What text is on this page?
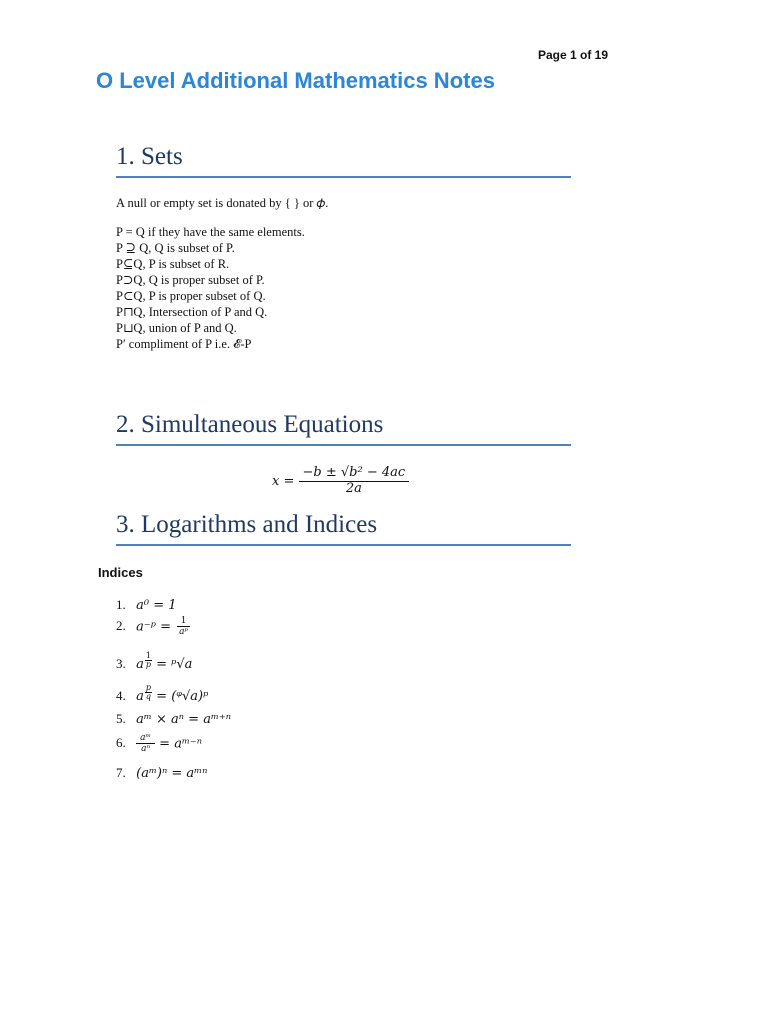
Page 1 of 19
O Level Additional Mathematics Notes
1. Sets
A null or empty set is donated by { } or 𝜙.
P = Q if they have the same elements.
P ⊇ Q, Q is subset of P.
P⊆Q, P is subset of R.
P⊃Q, Q is proper subset of P.
P⊂Q, P is proper subset of Q.
P⊓Q, Intersection of P and Q.
P⊔Q, union of P and Q.
P′ compliment of P i.e. 𝓔-P
2. Simultaneous Equations
$x = \frac{\text{−b ± √b² − 4ac}}{2a}$
3. Logarithms and Indices
Indices
1. a⁰ = 1
2. a⁻ᵖ = $\frac{1}{\text{aᵖ}}$
3. a $\frac{1}{p}$ = ᵖ√a
4. a $\frac{p}{q}$ = (ᵠ√a)ᵖ
5. aᵐ × aⁿ = aᵐ⁺ⁿ
6. $\frac{\text{aᵐ}}{\text{aⁿ}}$ = aᵐ⁻ⁿ
7. (aᵐ)ⁿ = aᵐⁿ
